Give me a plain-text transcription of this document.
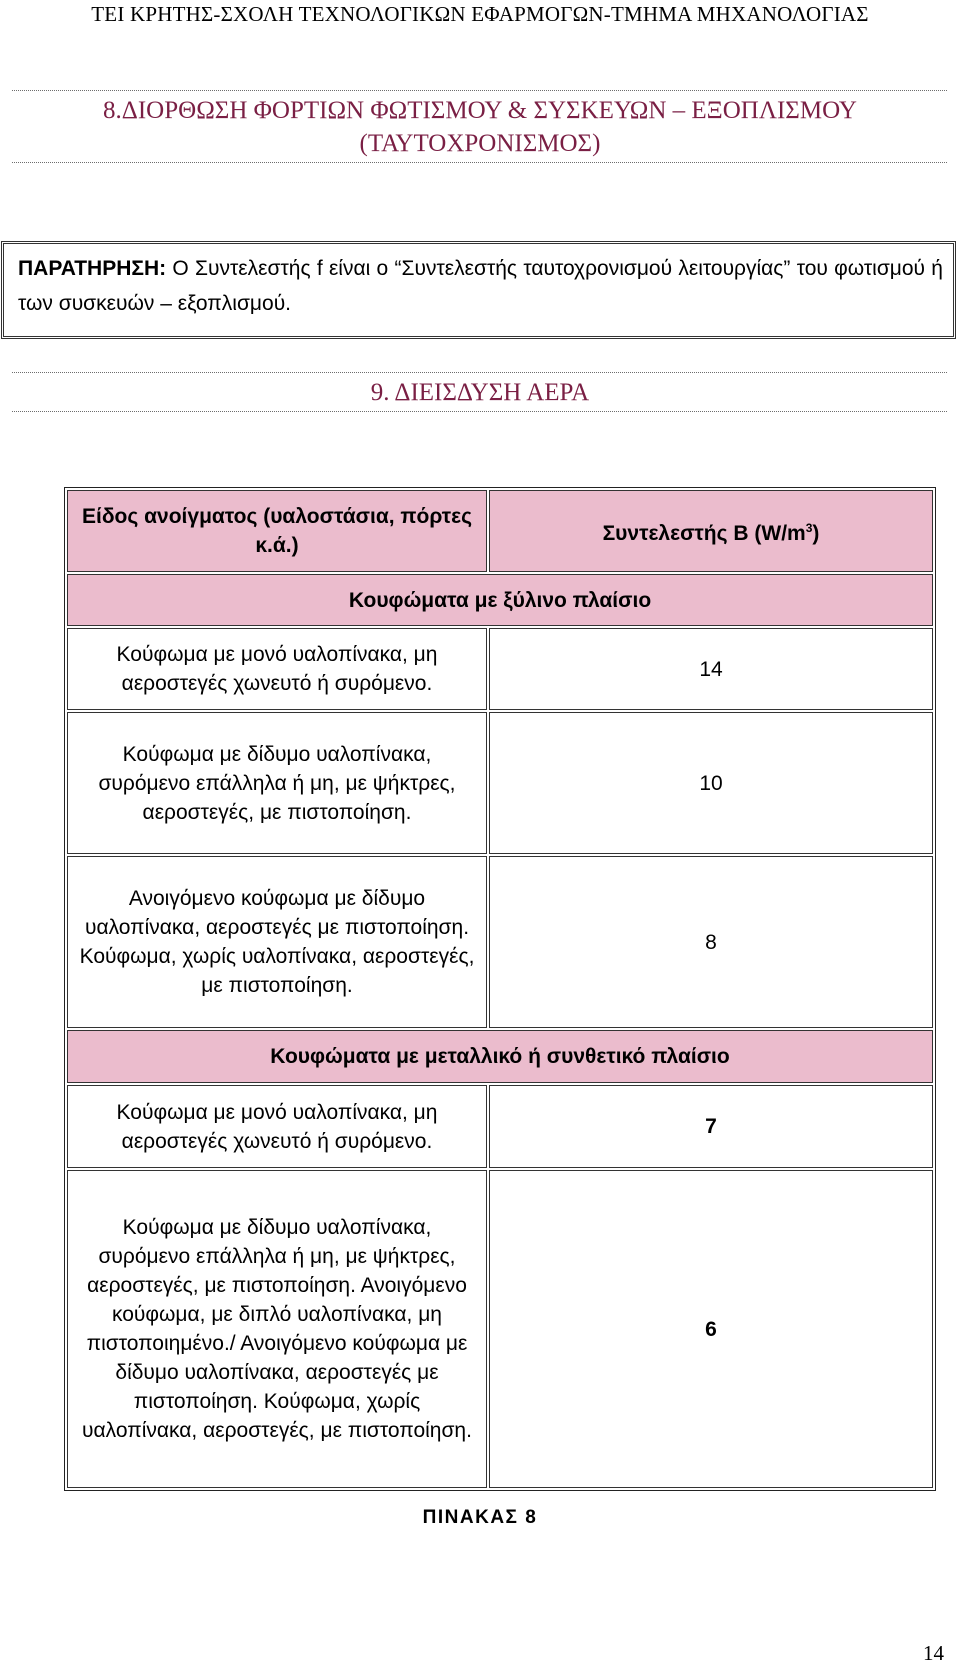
ΤΕΙ ΚΡΗΤΗΣ-ΣΧΟΛΗ ΤΕΧΝΟΛΟΓΙΚΩΝ ΕΦΑΡΜΟΓΩΝ-ΤΜΗΜΑ ΜΗΧΑΝΟΛΟΓΙΑΣ
8.ΔΙΟΡΘΩΣΗ ΦΟΡΤΙΩΝ ΦΩΤΙΣΜΟΥ & ΣΥΣΚΕΥΩΝ – ΕΞΟΠΛΙΣΜΟΥ
(ΤΑΥΤΟΧΡΟΝΙΣΜΟΣ)
ΠΑΡΑΤΗΡΗΣΗ: Ο Συντελεστής f είναι ο “Συντελεστής ταυτοχρονισμού λειτουργίας” του φωτισμού ή των συσκευών – εξοπλισμού.
9. ΔΙΕΙΣΔΥΣΗ ΑΕΡΑ
Είδος ανοίγματος (υαλοστάσια, πόρτες κ.ά.)	Συντελεστής B $(W/m^3)$
Κουφώματα με ξύλινο πλαίσιο	
Κούφωμα με μονό υαλοπίνακα, μη αεροστεγές χωνευτό ή συρόμενο.	14
Κούφωμα με δίδυμο υαλοπίνακα, συρόμενο επάλληλα ή μη, με ψήκτρες, αεροστεγές, με πιστοποίηση.	10
Ανοιγόμενο κούφωμα με δίδυμο υαλοπίνακα, αεροστεγές με πιστοποίηση. Κούφωμα, χωρίς υαλοπίνακα, αεροστεγές, με πιστοποίηση.	8
Κουφώματα με μεταλλικό ή συνθετικό πλαίσιο	
Κούφωμα με μονό υαλοπίνακα, μη αεροστεγές χωνευτό ή συρόμενο.	7
Κούφωμα με δίδυμο υαλοπίνακα, συρόμενο επάλληλα ή μη, με ψήκτρες, αεροστεγές, με πιστοποίηση. Ανοιγόμενο κούφωμα, με διπλό υαλοπίνακα, μη πιστοποιημένο./ Ανοιγόμενο κούφωμα με δίδυμο υαλοπίνακα, αεροστεγές με πιστοποίηση. Κούφωμα, χωρίς υαλοπίνακα, αεροστεγές, με πιστοποίηση.	6
ΠΙΝΑΚΑΣ 8
14
